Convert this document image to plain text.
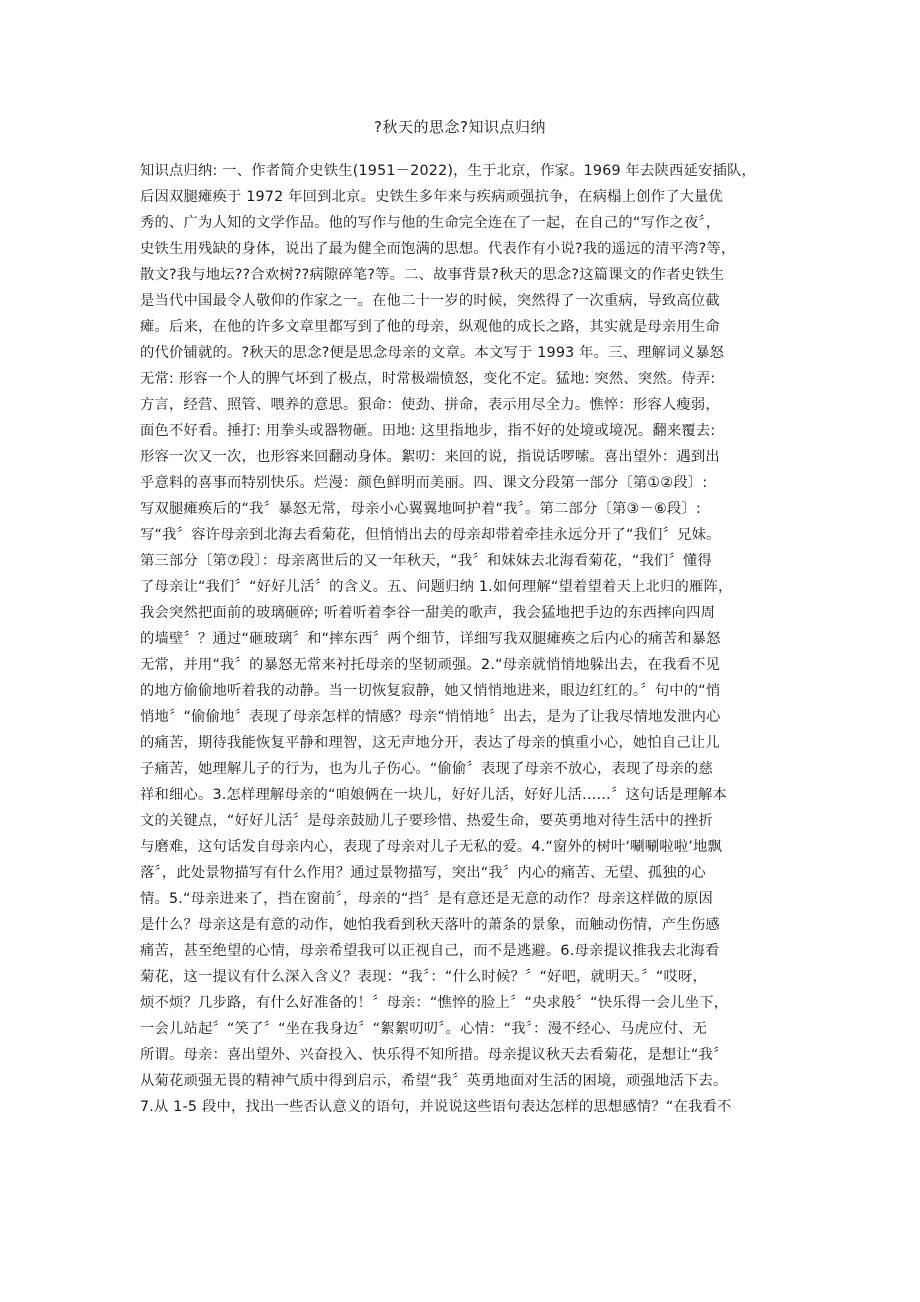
?秋天的思念?知识点归纳
知识点归纳: 一、作者简介史铁生(1951－2022)，生于北京，作家。1969 年去陕西延安插队，
后因双腿瘫痪于 1972 年回到北京。史铁生多年来与疾病顽强抗争，在病榻上创作了大量优
秀的、广为人知的文学作品。他的写作与他的生命完全连在了一起，在自己的“写作之夜〞，
史铁生用残缺的身体，说出了最为健全而饱满的思想。代表作有小说?我的遥远的清平湾?等，
散文?我与地坛??合欢树??病隙碎笔?等。二、故事背景?秋天的思念?这篇课文的作者史铁生
是当代中国最令人敬仰的作家之一。在他二十一岁的时候，突然得了一次重病，导致高位截
瘫。后来，在他的许多文章里都写到了他的母亲，纵观他的成长之路，其实就是母亲用生命
的代价铺就的。?秋天的思念?便是思念母亲的文章。本文写于 1993 年。三、理解词义暴怒
无常: 形容一个人的脾气坏到了极点，时常极端愤怒，变化不定。猛地: 突然、突然。侍弄:
方言，经营、照管、喂养的意思。狠命：使劲、拼命，表示用尽全力。憔悴：形容人瘦弱，
面色不好看。捶打: 用拳头或器物砸。田地: 这里指地步，指不好的处境或境况。翻来覆去:
形容一次又一次，也形容来回翻动身体。絮叨：来回的说，指说话啰嗦。喜出望外：遇到出
乎意料的喜事而特别快乐。烂漫：颜色鲜明而美丽。四、课文分段第一部分〔第①②段〕:
写双腿瘫痪后的“我〞暴怒无常，母亲小心翼翼地呵护着“我〞。第二部分〔第③－⑥段〕:
写“我〞容许母亲到北海去看菊花，但悄悄出去的母亲却带着牵挂永远分开了“我们〞兄妹。
第三部分〔第⑦段〕：母亲离世后的又一年秋天，“我〞和妹妹去北海看菊花，“我们〞懂得
了母亲让“我们〞“好好儿活〞的含义。五、问题归纳 1.如何理解“望着望着天上北归的雁阵，
我会突然把面前的玻璃砸碎; 听着听着李谷一甜美的歌声，我会猛地把手边的东西摔向四周
的墙壁〞？通过“砸玻璃〞和“摔东西〞两个细节，详细写我双腿瘫痪之后内心的痛苦和暴怒
无常，并用“我〞的暴怒无常来衬托母亲的坚韧顽强。2.“母亲就悄悄地躲出去，在我看不见
的地方偷偷地听着我的动静。当一切恢复寂静，她又悄悄地进来，眼边红红的。〞句中的“悄
悄地〞“偷偷地〞表现了母亲怎样的情感？母亲“悄悄地〞出去，是为了让我尽情地发泄内心
的痛苦，期待我能恢复平静和理智，这无声地分开，表达了母亲的慎重小心，她怕自己让儿
子痛苦，她理解儿子的行为，也为儿子伤心。“偷偷〞表现了母亲不放心，表现了母亲的慈
祥和细心。3.怎样理解母亲的“咱娘俩在一块儿，好好儿活，好好儿活……〞这句话是理解本
文的关键点，“好好儿活〞是母亲鼓励儿子要珍惜、热爱生命，要英勇地对待生活中的挫折
与磨难，这句话发自母亲内心，表现了母亲对儿子无私的爱。4.“窗外的树叶‘唰唰啦啦’地飘
落〞，此处景物描写有什么作用？通过景物描写，突出“我〞内心的痛苦、无望、孤独的心
情。5.“母亲进来了，挡在窗前〞，母亲的“挡〞是有意还是无意的动作？母亲这样做的原因
是什么？母亲这是有意的动作，她怕我看到秋天落叶的萧条的景象，而触动伤情，产生伤感
痛苦，甚至绝望的心情，母亲希望我可以正视自己，而不是逃避。6.母亲提议推我去北海看
菊花，这一提议有什么深入含义？表现：“我〞：“什么时候？〞“好吧，就明天。〞“哎呀，
烦不烦？几步路，有什么好准备的！〞母亲：“憔悴的脸上〞“央求般〞“快乐得一会儿坐下，
一会儿站起〞“笑了〞“坐在我身边〞“絮絮叨叨〞。心情：“我〞：漫不经心、马虎应付、无
所谓。母亲：喜出望外、兴奋投入、快乐得不知所措。母亲提议秋天去看菊花，是想让“我〞
从菊花顽强无畏的精神气质中得到启示，希望“我〞英勇地面对生活的困境，顽强地活下去。
7.从 1-5 段中，找出一些否认意义的语句，并说说这些语句表达怎样的思想感情？“在我看不
